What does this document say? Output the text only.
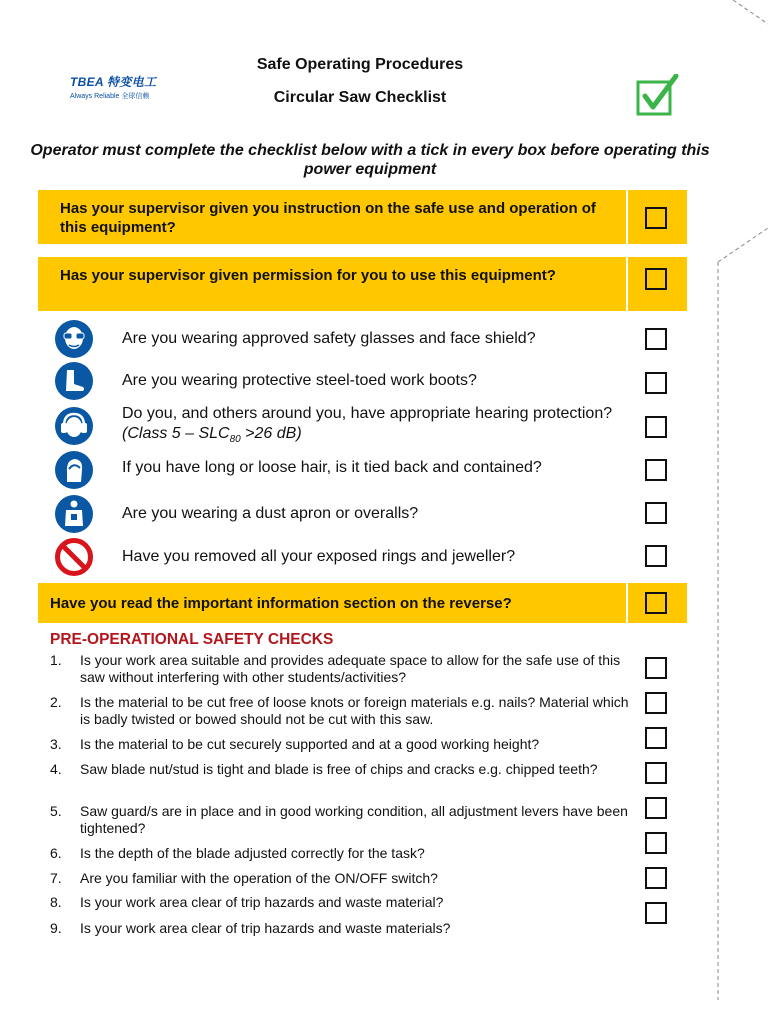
TBEA 特变电工
Always Reliable 全球信赖
Safe Operating Procedures
Circular Saw Checklist
Operator must complete the checklist below with a tick in every box before operating this power equipment
Has your supervisor given you instruction on the safe use and operation of this equipment?
Has your supervisor given permission for you to use this equipment?
Are you wearing approved safety glasses and face shield?
Are you wearing protective steel-toed work boots?
Do you, and others around you, have appropriate hearing protection?   (Class $5 - SLC_{80} >26$ dB)
If you have long or loose hair, is it tied back and contained?
Are you wearing a dust apron or overalls?
Have you removed all your exposed rings and jeweller?
Have you read the important information section on the reverse?
PRE-OPERATIONAL SAFETY CHECKS
1. Is your work area suitable and provides adequate space to allow for the safe use of this saw without interfering with other students/activities?
2. Is the material to be cut free of loose knots or foreign materials e.g. nails? Material which is badly twisted or bowed should not be cut with this saw.
3. Is the material to be cut securely supported and at a good working height?
4. Saw blade nut/stud is tight and blade is free of chips and cracks e.g. chipped teeth?
5. Saw guard/s are in place and in good working condition, all adjustment levers have been tightened?
6. Is the depth of the blade adjusted correctly for the task?
7. Are you familiar with the operation of the ON/OFF switch?
8. Is your work area clear of trip hazards and waste material?
9. Is your work area clear of trip hazards and waste materials?
